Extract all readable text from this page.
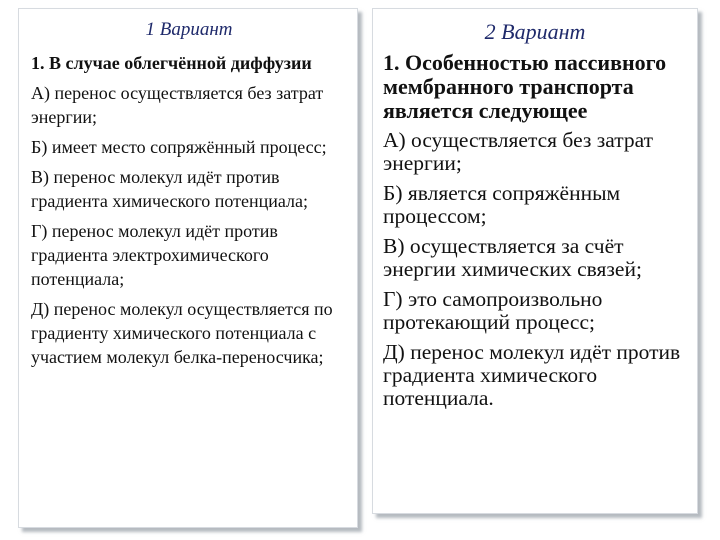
1 Вариант

1. В случае облегчённой диффузии

А) перенос осуществляется без затрат энергии;

Б) имеет место сопряжённый процесс;

В) перенос молекул идёт против градиента химического потенциала;

Г) перенос молекул идёт против градиента электрохимического потенциала;

Д) перенос молекул осуществляется по градиенту химического потенциала с участием молекул белка-переносчика;

2 Вариант

1. Особенностью пассивного мембранного транспорта является следующее

А) осуществляется без затрат энергии;

Б) является сопряжённым процессом;

В) осуществляется за счёт энергии химических связей;

Г) это самопроизвольно протекающий процесс;

Д) перенос молекул идёт против градиента химического потенциала.
